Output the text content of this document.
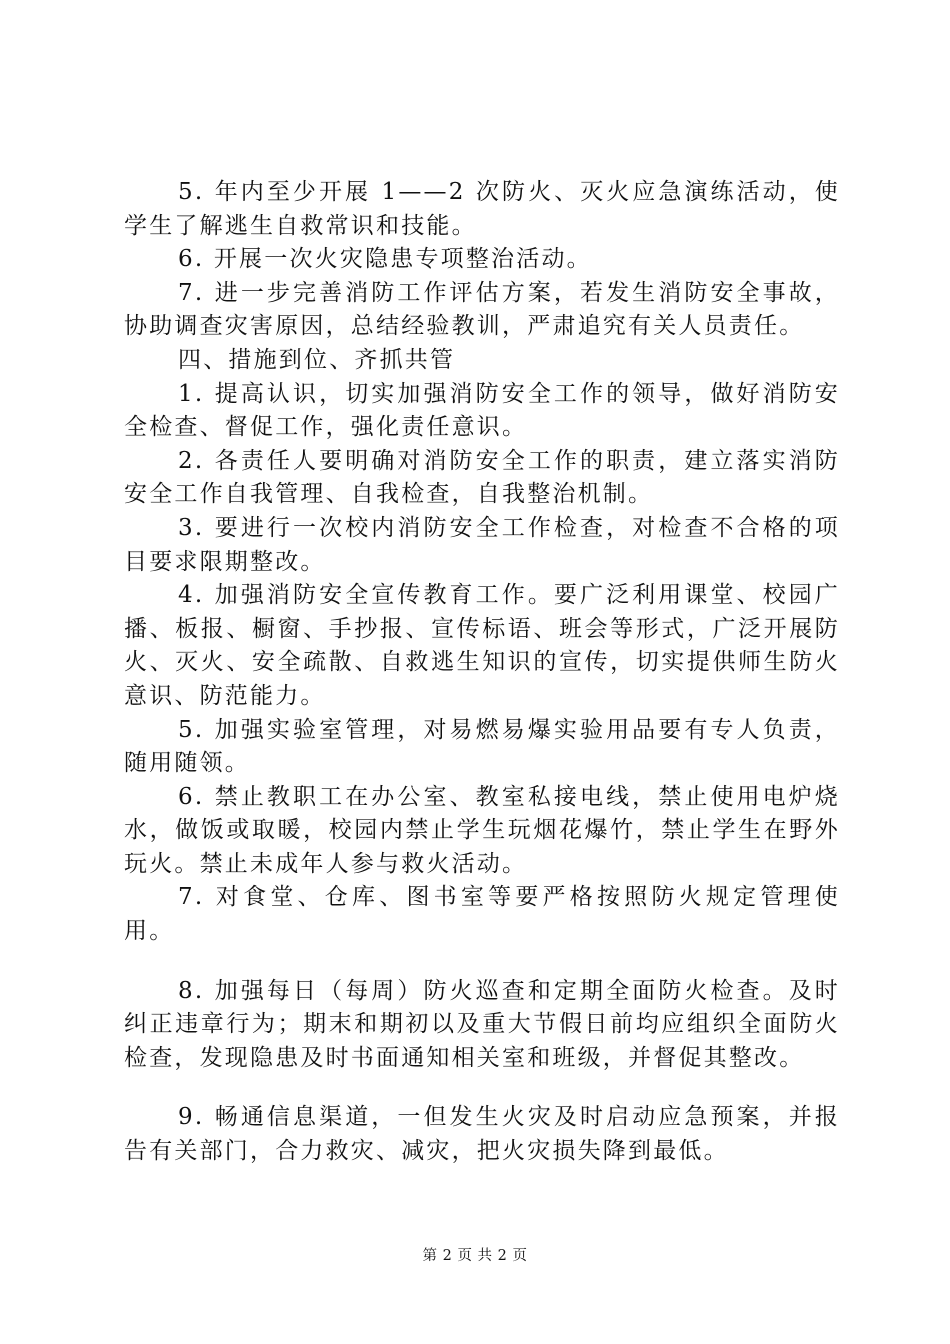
5. 年内至少开展 1——2 次防火、灭火应急演练活动，使学生了解逃生自救常识和技能。

6. 开展一次火灾隐患专项整治活动。

7. 进一步完善消防工作评估方案，若发生消防安全事故，协助调查灾害原因，总结经验教训，严肃追究有关人员责任。

四、措施到位、齐抓共管

1. 提高认识，切实加强消防安全工作的领导，做好消防安全检查、督促工作，强化责任意识。

2. 各责任人要明确对消防安全工作的职责，建立落实消防安全工作自我管理、自我检查，自我整治机制。

3. 要进行一次校内消防安全工作检查，对检查不合格的项目要求限期整改。

4. 加强消防安全宣传教育工作。要广泛利用课堂、校园广播、板报、橱窗、手抄报、宣传标语、班会等形式，广泛开展防火、灭火、安全疏散、自救逃生知识的宣传，切实提供师生防火意识、防范能力。

5. 加强实验室管理，对易燃易爆实验用品要有专人负责，随用随领。

6. 禁止教职工在办公室、教室私接电线，禁止使用电炉烧水，做饭或取暖，校园内禁止学生玩烟花爆竹，禁止学生在野外玩火。禁止未成年人参与救火活动。

7. 对食堂、仓库、图书室等要严格按照防火规定管理使用。

8. 加强每日（每周）防火巡查和定期全面防火检查。及时纠正违章行为；期末和期初以及重大节假日前均应组织全面防火检查，发现隐患及时书面通知相关室和班级，并督促其整改。

9. 畅通信息渠道，一但发生火灾及时启动应急预案，并报告有关部门，合力救灾、减灾，把火灾损失降到最低。

第 2 页 共 2 页
